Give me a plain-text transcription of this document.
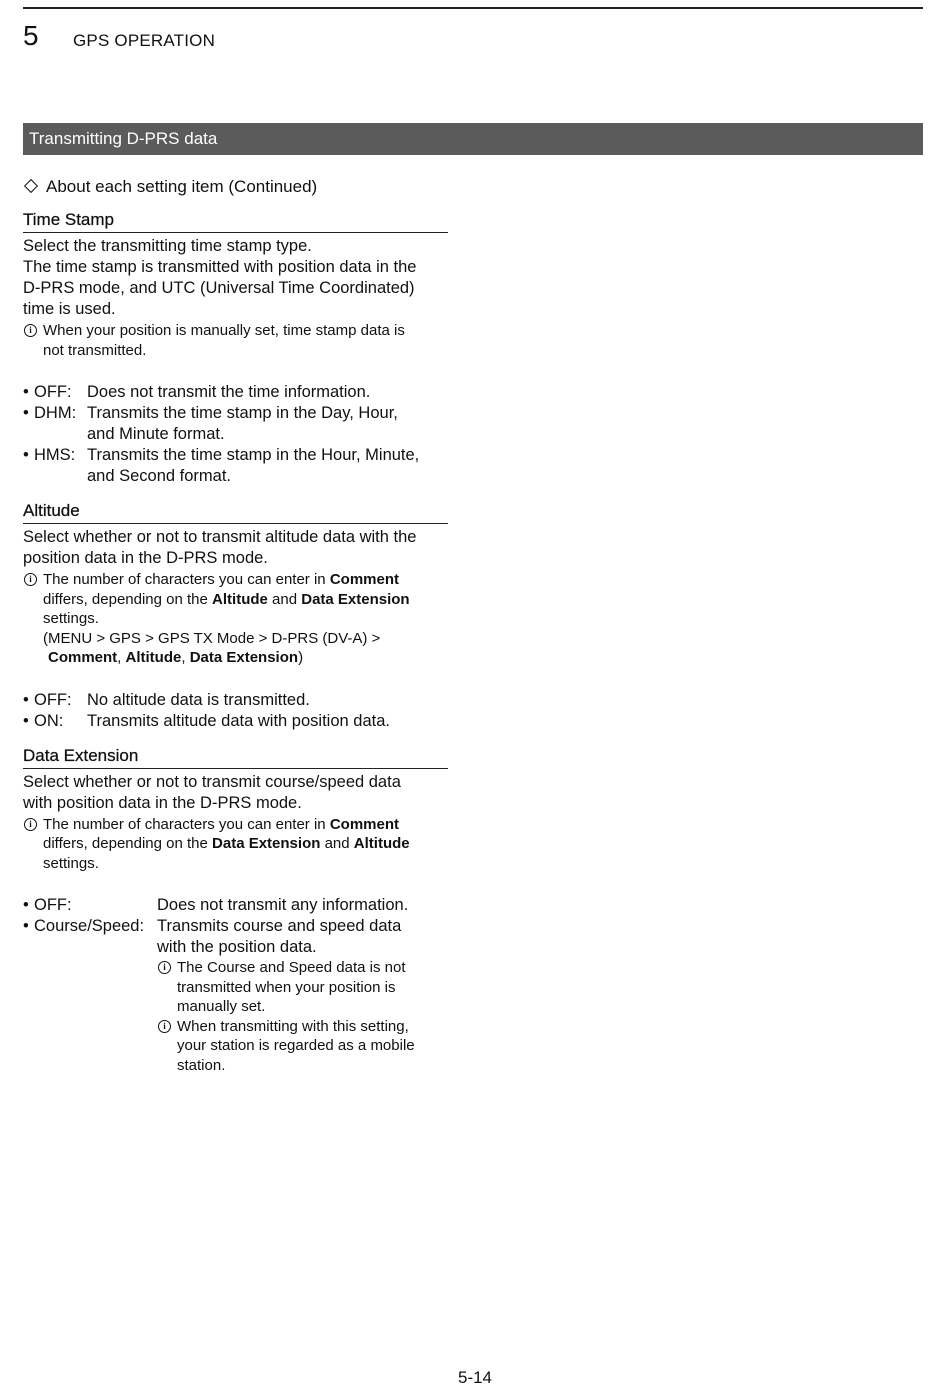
5 GPS OPERATION
Transmitting D-PRS data
About each setting item (Continued)
Time Stamp
Select the transmitting time stamp type.
The time stamp is transmitted with position data in the
D-PRS mode, and UTC (Universal Time Coordinated)
time is used.
i When your position is manually set, time stamp data is
not transmitted.
• OFF: Does not transmit the time information.
• DHM: Transmits the time stamp in the Day, Hour,
and Minute format.
• HMS: Transmits the time stamp in the Hour, Minute,
and Second format.
Altitude
Select whether or not to transmit altitude data with the
position data in the D-PRS mode.
i The number of characters you can enter in Comment
differs, depending on the Altitude and Data Extension
settings.
(MENU > GPS > GPS TX Mode > D-PRS (DV-A) >
Comment, Altitude, Data Extension)
• OFF: No altitude data is transmitted.
• ON:	Transmits altitude data with position data.
Data Extension
Select whether or not to transmit course/speed data
with position data in the D-PRS mode.
i The number of characters you can enter in Comment
differs, depending on the Data Extension and Altitude
settings.
• OFF:	Does not transmit any information.
• Course/Speed: Transmits course and speed data
with the position data.
i The Course and Speed data is not
transmitted when your position is
manually set.
i When transmitting with this setting,
your station is regarded as a mobile
station.
5-14
